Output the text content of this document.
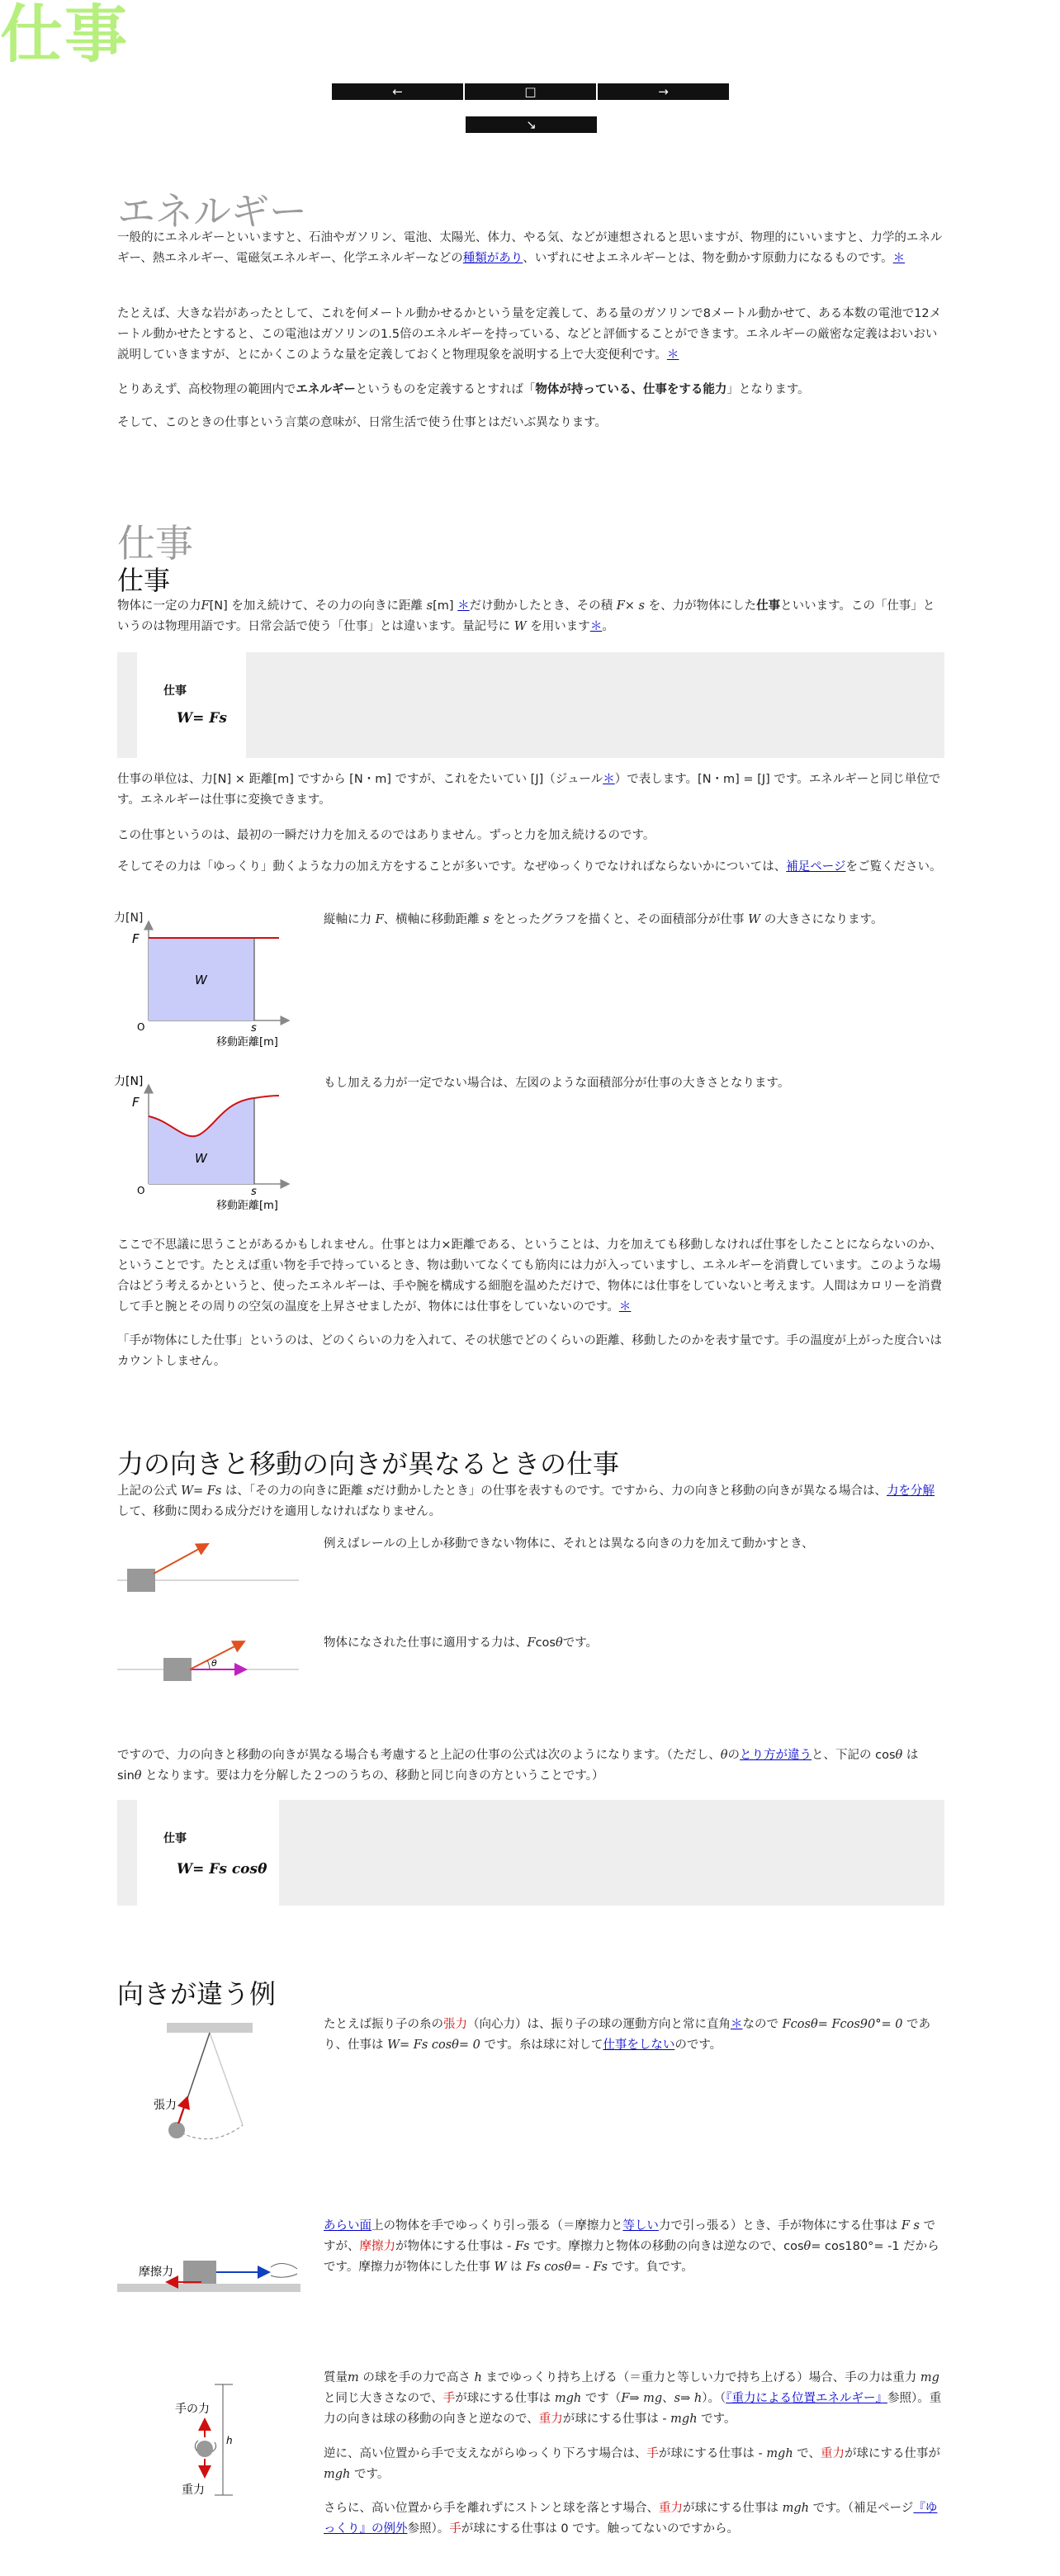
仕事
←	□	→
↘
エネルギー

一般的にエネルギーといいますと、石油やガソリン、電池、太陽光、体力、やる気、などが連想されると思いますが、物理的にいいますと、力学的エネルギー、熱エネルギー、電磁気エネルギー、化学エネルギーなどの種類があり、いずれにせよエネルギーとは、物を動かす原動力になるものです。＊

たとえば、大きな岩があったとして、これを何メートル動かせるかという量を定義して、ある量のガソリンで8メートル動かせて、ある本数の電池で12メートル動かせたとすると、この電池はガソリンの1.5倍のエネルギーを持っている、などと評価することができます。エネルギーの厳密な定義はおいおい説明していきますが、とにかくこのような量を定義しておくと物理現象を説明する上で大変便利です。＊

とりあえず、高校物理の範囲内でエネルギーというものを定義するとすれば「物体が持っている、仕事をする能力」となります。

そして、このときの仕事という言葉の意味が、日常生活で使う仕事とはだいぶ異なります。

仕事
仕事

物体に一定の力F[N] を加え続けて、その力の向きに距離 s[m] ＊だけ動かしたとき、その積 F× s を、力が物体にした仕事といいます。この「仕事」というのは物理用語です。日常会話で使う「仕事」とは違います。量記号に W を用います＊。

仕事
W= Fs

仕事の単位は、力[N] × 距離[m] ですから [N・m] ですが、これをたいてい [J]（ジュール＊）で表します。[N・m] = [J] です。エネルギーと同じ単位です。エネルギーは仕事に変換できます。

この仕事というのは、最初の一瞬だけ力を加えるのではありません。ずっと力を加え続けるのです。

そしてその力は「ゆっくり」動くような力の加え方をすることが多いです。なぜゆっくりでなければならないかについては、補足ページをご覧ください。

力[N]
F
W
O	s
移動距離[m]

縦軸に力 F、横軸に移動距離 s をとったグラフを描くと、その面積部分が仕事 W の大きさになります。

力[N]
F
W
O	s
移動距離[m]

もし加える力が一定でない場合は、左図のような面積部分が仕事の大きさとなります。

ここで不思議に思うことがあるかもしれません。仕事とは力×距離である、ということは、力を加えても移動しなければ仕事をしたことにならないのか、ということです。たとえば重い物を手で持っているとき、物は動いてなくても筋肉には力が入っていますし、エネルギーを消費しています。このような場合はどう考えるかというと、使ったエネルギーは、手や腕を構成する細胞を温めただけで、物体には仕事をしていないと考えます。人間はカロリーを消費して手と腕とその周りの空気の温度を上昇させましたが、物体には仕事をしていないのです。＊

「手が物体にした仕事」というのは、どのくらいの力を入れて、その状態でどのくらいの距離、移動したのかを表す量です。手の温度が上がった度合いはカウントしません。

力の向きと移動の向きが異なるときの仕事

上記の公式 W= Fs は、「その力の向きに距離 sだけ動かしたとき」の仕事を表すものです。ですから、力の向きと移動の向きが異なる場合は、力を分解して、移動に関わる成分だけを適用しなければなりません。

例えばレールの上しか移動できない物体に、それとは異なる向きの力を加えて動かすとき、

θ

物体になされた仕事に適用する力は、Fcosθです。

ですので、力の向きと移動の向きが異なる場合も考慮すると上記の仕事の公式は次のようになります。（ただし、θのとり方が違うと、下記の cosθ は sinθ となります。要は力を分解した２つのうちの、移動と同じ向きの方ということです。）

仕事
W= Fs cosθ
向きが違う例
張力

たとえば振り子の糸の張力（向心力）は、振り子の球の運動方向と常に直角＊なので Fcosθ= Fcos90°= 0 であり、仕事は W= Fs cosθ= 0 です。糸は球に対して仕事をしないのです。

摩擦力

あらい面上の物体を手でゆっくり引っ張る（＝摩擦力と等しい力で引っ張る）とき、手が物体にする仕事は F s ですが、摩擦力が物体にする仕事は - Fs です。摩擦力と物体の移動の向きは逆なので、cosθ= cos180°= -1 だからです。摩擦力が物体にした仕事 W は Fs cosθ= - Fs です。負です。

h
手の力
重力

質量m の球を手の力で高さ h までゆっくり持ち上げる（＝重力と等しい力で持ち上げる）場合、手の力は重力 mg と同じ大きさなので、手が球にする仕事は mgh です（F⇒ mg、s⇒ h）。（『重力による位置エネルギー』参照）。重力の向きは球の移動の向きと逆なので、重力が球にする仕事は - mgh です。

逆に、高い位置から手で支えながらゆっくり下ろす場合は、手が球にする仕事は - mgh で、重力が球にする仕事が mgh です。

さらに、高い位置から手を離れずにストンと球を落とす場合、重力が球にする仕事は mgh です。（補足ページ『ゆっくり』の例外参照）。手が球にする仕事は 0 です。触ってないのですから。
